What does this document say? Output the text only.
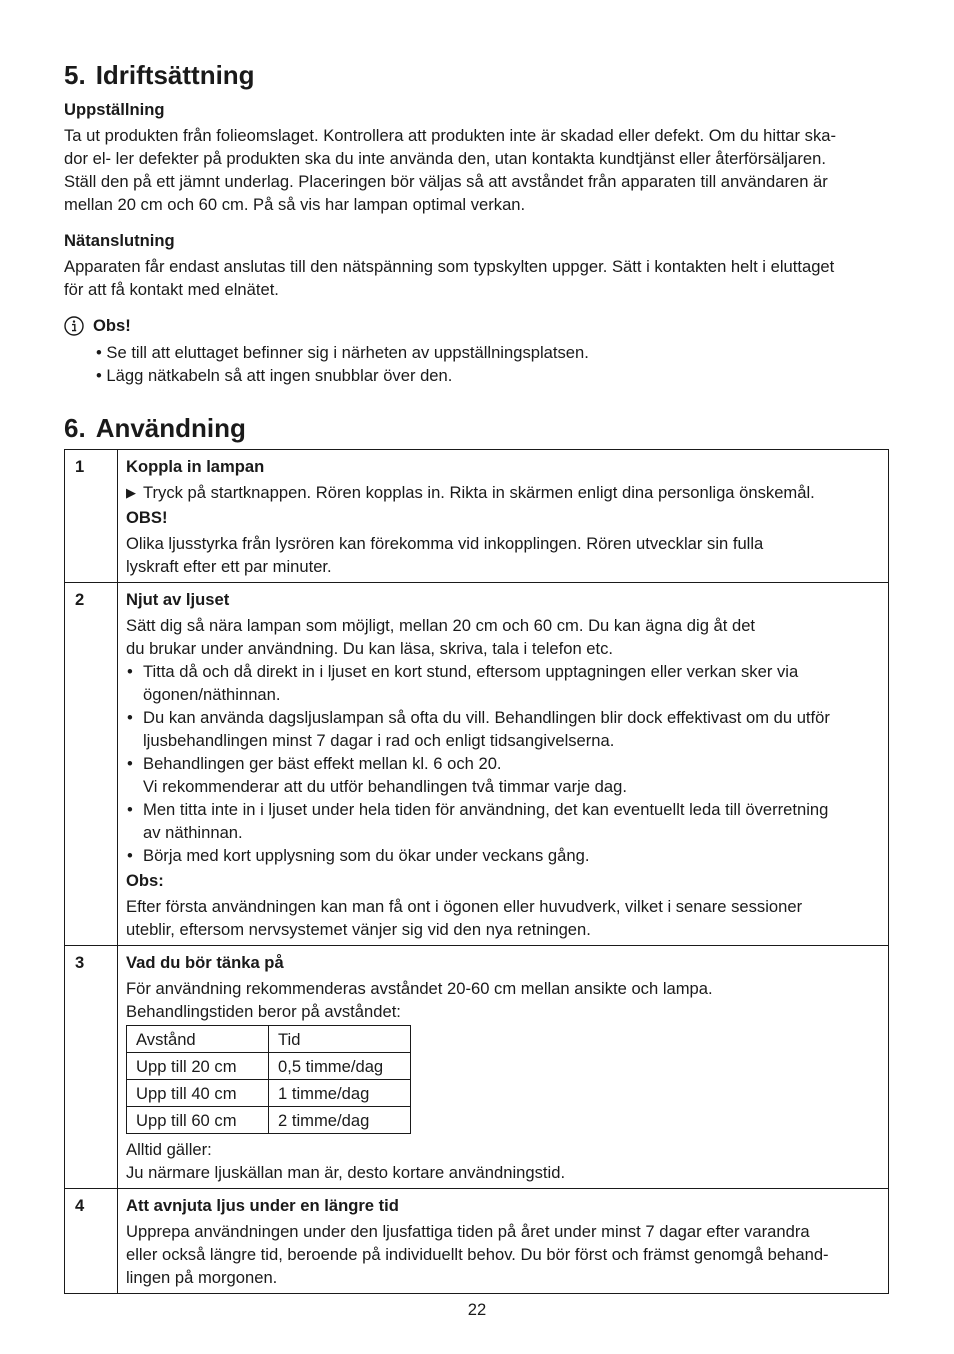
5. Idriftsättning

Uppställning

Ta ut produkten från folieomslaget. Kontrollera att produkten inte är skadad eller defekt. Om du hittar ska-
dor el- ler defekter på produkten ska du inte använda den, utan kontakta kundtjänst eller återförsäljaren.
Ställ den på ett jämnt underlag. Placeringen bör väljas så att avståndet från apparaten till användaren är
mellan 20 cm och 60 cm. På så vis har lampan optimal verkan.

Nätanslutning

Apparaten får endast anslutas till den nätspänning som typskylten uppger. Sätt i kontakten helt i eluttaget
för att få kontakt med elnätet.
Obs!
• Se till att eluttaget befinner sig i närheten av uppställningsplatsen.
• Lägg nätkabeln så att ingen snubblar över den.
6. Användning
1	Koppla in lampan
▶ Tryck på startknappen. Rören kopplas in. Rikta in skärmen enligt dina personliga önskemål.
OBS!
Olika ljusstyrka från lysrören kan förekomma vid inkopplingen. Rören utvecklar sin fulla
lyskraft efter ett par minuter.

2	Njut av ljuset
Sätt dig så nära lampan som möjligt, mellan 20 cm och 60 cm. Du kan ägna dig åt det
du brukar under användning. Du kan läsa, skriva, tala i telefon etc.
• Titta då och då direkt in i ljuset en kort stund, eftersom upptagningen eller verkan sker via
ögonen/näthinnan.
• Du kan använda dagsljuslampan så ofta du vill. Behandlingen blir dock effektivast om du utför
ljusbehandlingen minst 7 dagar i rad och enligt tidsangivelserna.
• Behandlingen ger bäst effekt mellan kl. 6 och 20.
Vi rekommenderar att du utför behandlingen två timmar varje dag.
• Men titta inte in i ljuset under hela tiden för användning, det kan eventuellt leda till överretning
av näthinnan.
• Börja med kort upplysning som du ökar under veckans gång.
Obs:
Efter första användningen kan man få ont i ögonen eller huvudverk, vilket i senare sessioner
uteblir, eftersom nervsystemet vänjer sig vid den nya retningen.

3	Vad du bör tänka på
För användning rekommenderas avståndet 20-60 cm mellan ansikte och lampa.
Behandlingstiden beror på avståndet:
Avstånd	Tid
Upp till 20 cm	0,5 timme/dag
Upp till 40 cm	1 timme/dag
Upp till 60 cm	2 timme/dag
Alltid gäller:
Ju närmare ljuskällan man är, desto kortare användningstid.

4	Att avnjuta ljus under en längre tid
Upprepa användningen under den ljusfattiga tiden på året under minst 7 dagar efter varandra
eller också längre tid, beroende på individuellt behov. Du bör först och främst genomgå behand-
lingen på morgonen.
22
